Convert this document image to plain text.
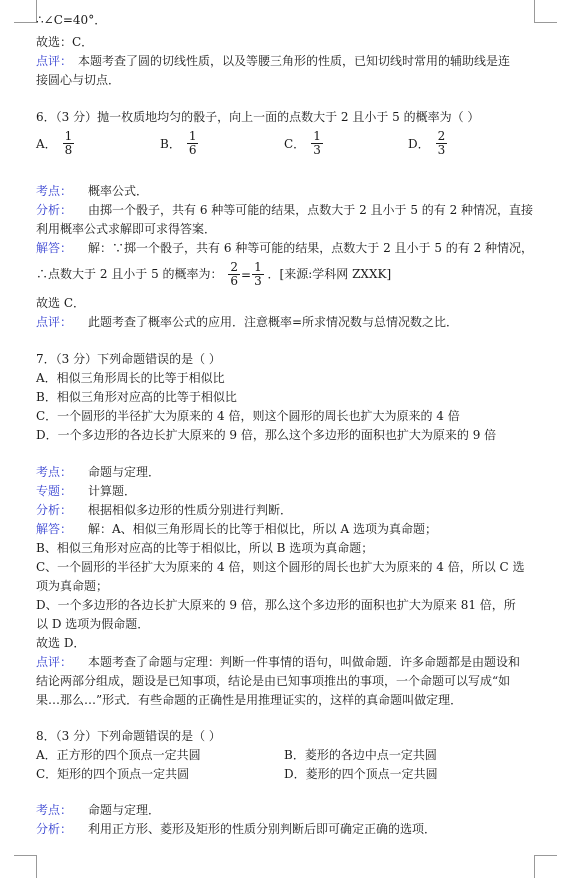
∴∠C=40°．
故选：C．
点评： 本题考查了圆的切线性质，以及等腰三角形的性质，已知切线时常用的辅助线是连
接圆心与切点．
6．（3 分）抛一枚质地均匀的骰子，向上一面的点数大于 2 且小于 5 的概率为（ ）
A． $\frac{1}{8}$	B． $\frac{1}{6}$	C． $\frac{1}{3}$	D． $\frac{2}{3}$
考点： 概率公式．
分析： 由掷一个骰子，共有 6 种等可能的结果，点数大于 2 且小于 5 的有 2 种情况，直接
利用概率公式求解即可求得答案．
解答： 解：∵掷一个骰子，共有 6 种等可能的结果，点数大于 2 且小于 5 的有 2 种情况，
∴点数大于 2 且小于 5 的概率为： $\frac{2}{6} = \frac{1}{3}$ ．[来源:学科网 ZXXK]
故选 C．
点评： 此题考查了概率公式的应用．注意概率=所求情况数与总情况数之比．
7．（3 分）下列命题错误的是（ ）
A．相似三角形周长的比等于相似比
B．相似三角形对应高的比等于相似比
C．一个圆形的半径扩大为原来的 4 倍，则这个圆形的周长也扩大为原来的 4 倍
D．一个多边形的各边长扩大原来的 9 倍，那么这个多边形的面积也扩大为原来的 9 倍
考点： 命题与定理．
专题： 计算题．
分析： 根据相似多边形的性质分别进行判断．
解答： 解：A、相似三角形周长的比等于相似比，所以 A 选项为真命题；
B、相似三角形对应高的比等于相似比，所以 B 选项为真命题；
C、一个圆形的半径扩大为原来的 4 倍，则这个圆形的周长也扩大为原来的 4 倍，所以 C 选
项为真命题；
D、一个多边形的各边长扩大原来的 9 倍，那么这个多边形的面积也扩大为原来 81 倍，所
以 D 选项为假命题．
故选 D．
点评： 本题考查了命题与定理：判断一件事情的语句，叫做命题．许多命题都是由题设和
结论两部分组成，题设是已知事项，结论是由已知事项推出的事项，一个命题可以写成“如
果…那么…”形式．有些命题的正确性是用推理证实的，这样的真命题叫做定理．
8．（3 分）下列命题错误的是（ ）
A．正方形的四个顶点一定共圆	B．菱形的各边中点一定共圆
C．矩形的四个顶点一定共圆	D．菱形的四个顶点一定共圆
考点： 命题与定理．
分析： 利用正方形、菱形及矩形的性质分别判断后即可确定正确的选项．
